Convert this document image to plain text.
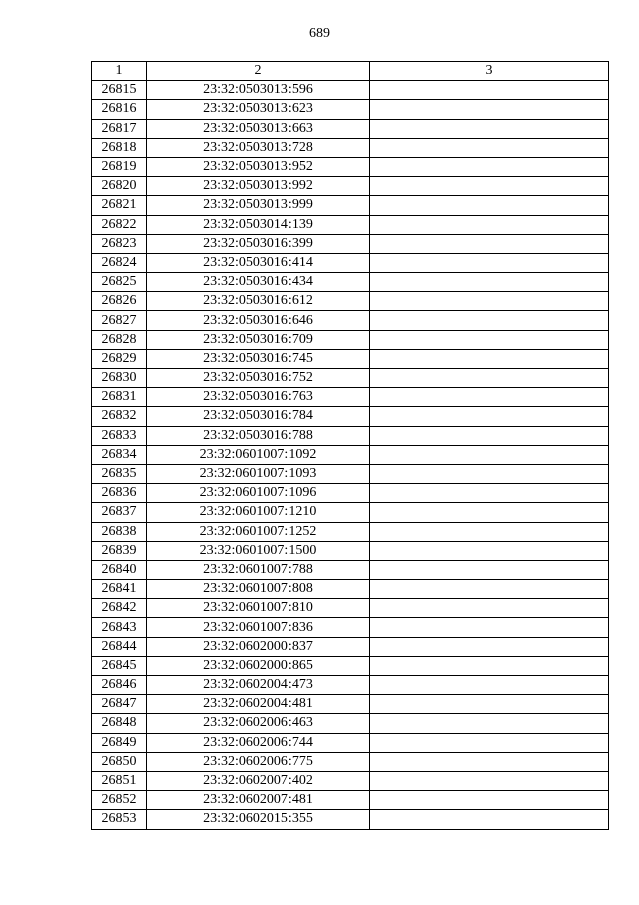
689
1	2	3
26815	23:32:0503013:596	
26816	23:32:0503013:623	
26817	23:32:0503013:663	
26818	23:32:0503013:728	
26819	23:32:0503013:952	
26820	23:32:0503013:992	
26821	23:32:0503013:999	
26822	23:32:0503014:139	
26823	23:32:0503016:399	
26824	23:32:0503016:414	
26825	23:32:0503016:434	
26826	23:32:0503016:612	
26827	23:32:0503016:646	
26828	23:32:0503016:709	
26829	23:32:0503016:745	
26830	23:32:0503016:752	
26831	23:32:0503016:763	
26832	23:32:0503016:784	
26833	23:32:0503016:788	
26834	23:32:0601007:1092	
26835	23:32:0601007:1093	
26836	23:32:0601007:1096	
26837	23:32:0601007:1210	
26838	23:32:0601007:1252	
26839	23:32:0601007:1500	
26840	23:32:0601007:788	
26841	23:32:0601007:808	
26842	23:32:0601007:810	
26843	23:32:0601007:836	
26844	23:32:0602000:837	
26845	23:32:0602000:865	
26846	23:32:0602004:473	
26847	23:32:0602004:481	
26848	23:32:0602006:463	
26849	23:32:0602006:744	
26850	23:32:0602006:775	
26851	23:32:0602007:402	
26852	23:32:0602007:481	
26853	23:32:0602015:355	
